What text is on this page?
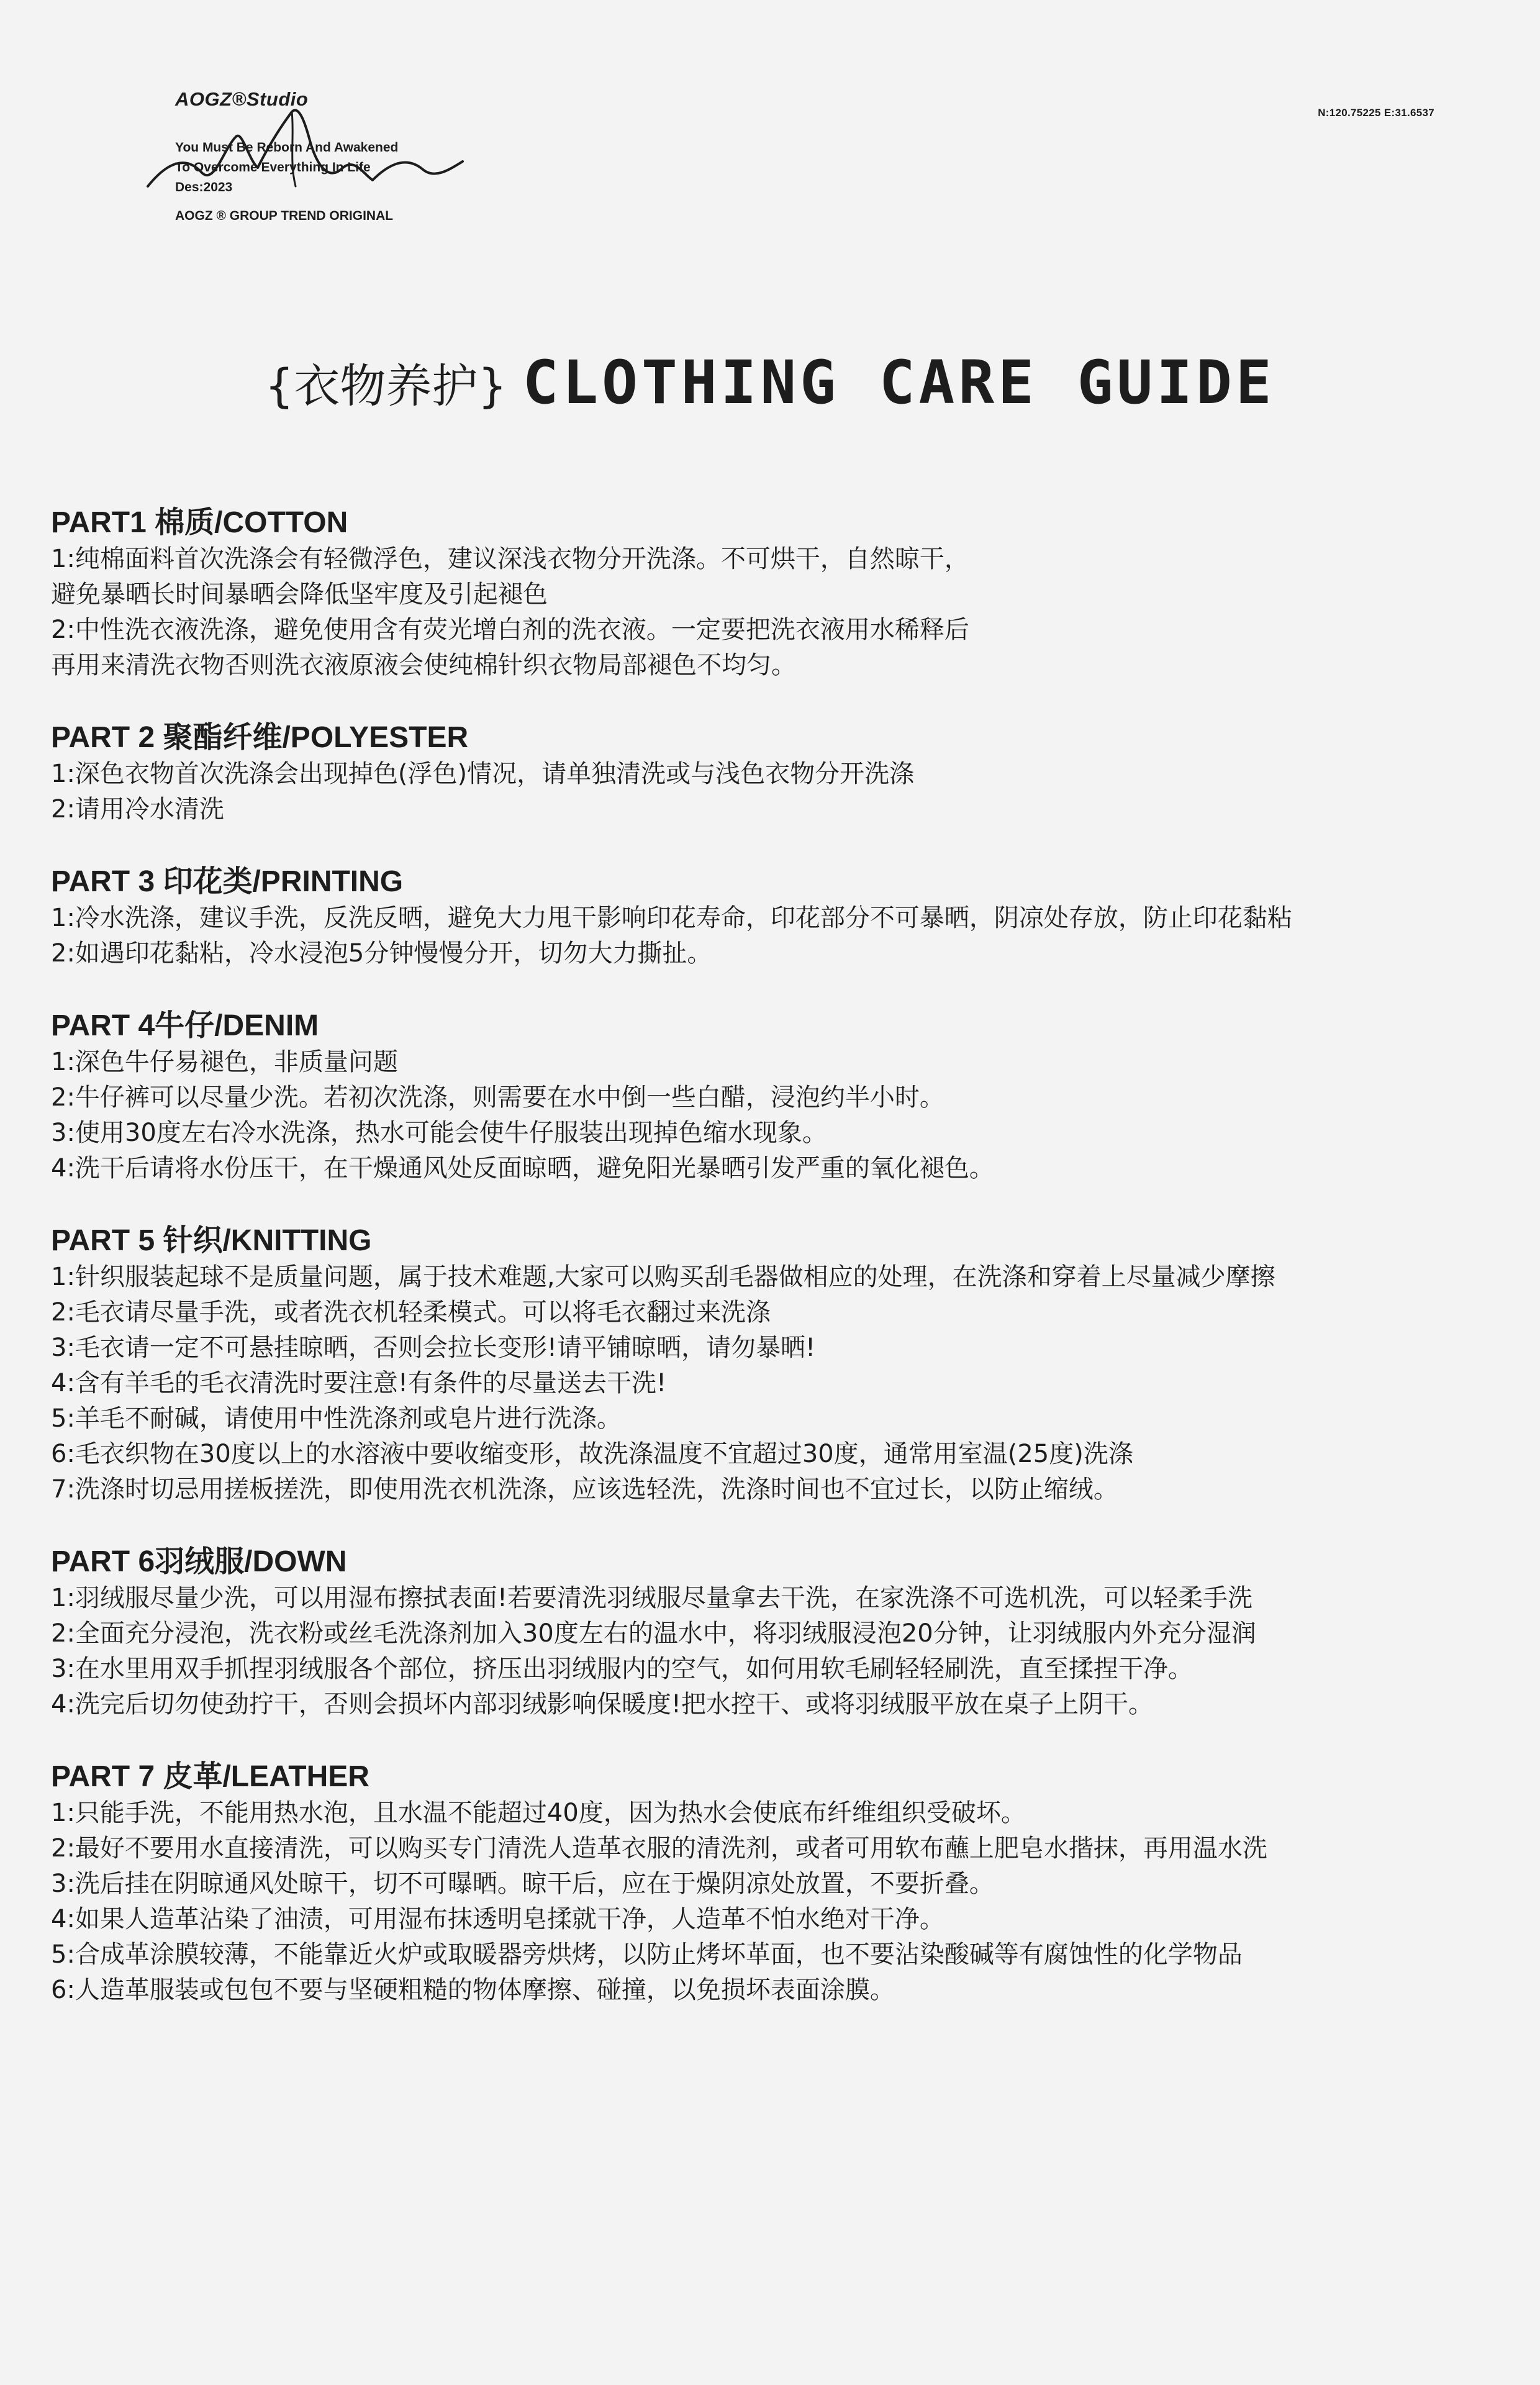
AOGZ®Studio
You Must Be Reborn And Awakened
To Overcome Everything In Life
Des:2023
AOGZ ® GROUP TREND ORIGINAL
N:120.75225 E:31.6537
{衣物养护} CLOTHING CARE GUIDE
PART1 棉质/COTTON

1:纯棉面料首次洗涤会有轻微浮色，建议深浅衣物分开洗涤。不可烘干，自然晾干，

避免暴晒长时间暴晒会降低坚牢度及引起褪色

2:中性洗衣液洗涤，避免使用含有荧光增白剂的洗衣液。一定要把洗衣液用水稀释后

再用来清洗衣物否则洗衣液原液会使纯棉针织衣物局部褪色不均匀。

PART 2 聚酯纤维/POLYESTER

1:深色衣物首次洗涤会出现掉色(浮色)情况，请单独清洗或与浅色衣物分开洗涤

2:请用冷水清洗

PART 3 印花类/PRINTING

1:冷水洗涤，建议手洗，反洗反晒，避免大力甩干影响印花寿命，印花部分不可暴晒，阴凉处存放，防止印花黏粘

2:如遇印花黏粘，冷水浸泡5分钟慢慢分开，切勿大力撕扯。

PART 4牛仔/DENIM

1:深色牛仔易褪色，非质量问题

2:牛仔裤可以尽量少洗。若初次洗涤，则需要在水中倒一些白醋，浸泡约半小时。

3:使用30度左右冷水洗涤，热水可能会使牛仔服装出现掉色缩水现象。

4:洗干后请将水份压干，在干燥通风处反面晾晒，避免阳光暴晒引发严重的氧化褪色。

PART 5 针织/KNITTING

1:针织服装起球不是质量问题，属于技术难题,大家可以购买刮毛器做相应的处理，在洗涤和穿着上尽量减少摩擦

2:毛衣请尽量手洗，或者洗衣机轻柔模式。可以将毛衣翻过来洗涤

3:毛衣请一定不可悬挂晾晒，否则会拉长变形!请平铺晾晒，请勿暴晒!

4:含有羊毛的毛衣清洗时要注意!有条件的尽量送去干洗!

5:羊毛不耐碱，请使用中性洗涤剂或皂片进行洗涤。

6:毛衣织物在30度以上的水溶液中要收缩变形，故洗涤温度不宜超过30度，通常用室温(25度)洗涤

7:洗涤时切忌用搓板搓洗，即使用洗衣机洗涤，应该选轻洗，洗涤时间也不宜过长，以防止缩绒。

PART 6羽绒服/DOWN

1:羽绒服尽量少洗，可以用湿布擦拭表面!若要清洗羽绒服尽量拿去干洗，在家洗涤不可选机洗，可以轻柔手洗

2:全面充分浸泡，洗衣粉或丝毛洗涤剂加入30度左右的温水中，将羽绒服浸泡20分钟，让羽绒服内外充分湿润

3:在水里用双手抓捏羽绒服各个部位，挤压出羽绒服内的空气，如何用软毛刷轻轻刷洗，直至揉捏干净。

4:洗完后切勿使劲拧干，否则会损坏内部羽绒影响保暖度!把水控干、或将羽绒服平放在桌子上阴干。

PART 7 皮革/LEATHER

1:只能手洗，不能用热水泡，且水温不能超过40度，因为热水会使底布纤维组织受破坏。

2:最好不要用水直接清洗，可以购买专门清洗人造革衣服的清洗剂，或者可用软布蘸上肥皂水揩抹，再用温水洗

3:洗后挂在阴晾通风处晾干，切不可曝晒。晾干后，应在于燥阴凉处放置，不要折叠。

4:如果人造革沾染了油渍，可用湿布抹透明皂揉就干净，人造革不怕水绝对干净。

5:合成革涂膜较薄，不能靠近火炉或取暖器旁烘烤，以防止烤坏革面，也不要沾染酸碱等有腐蚀性的化学物品

6:人造革服装或包包不要与坚硬粗糙的物体摩擦、碰撞，以免损坏表面涂膜。
